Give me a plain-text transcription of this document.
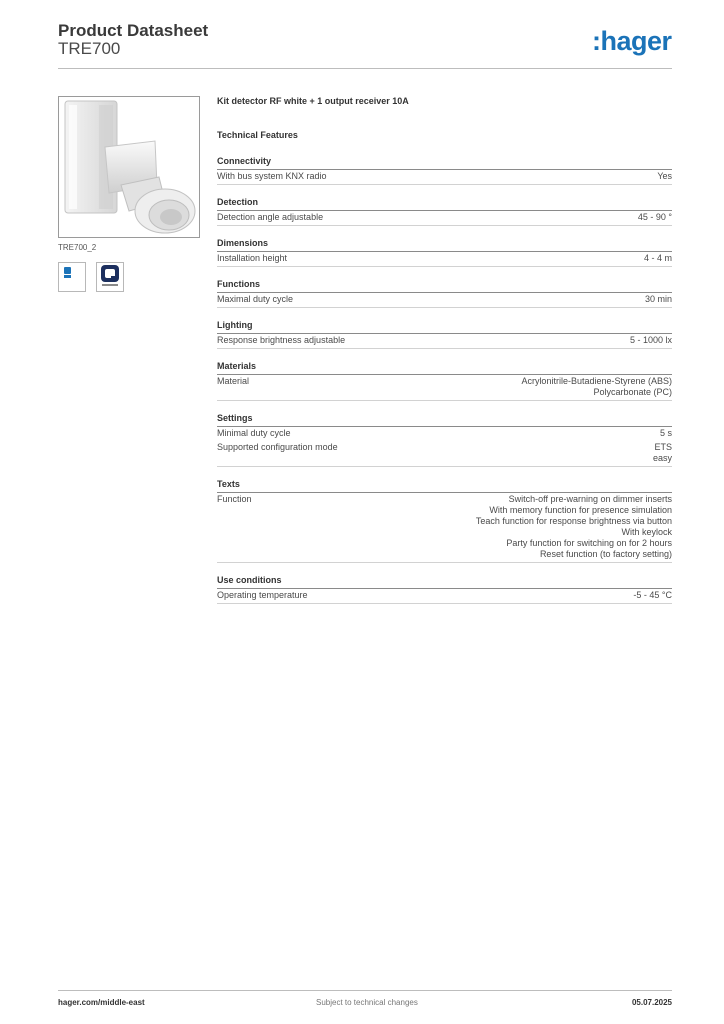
Product Datasheet
TRE700	:hager
TRE700_2
Kit detector RF white + 1 output receiver 10A
Technical Features
Connectivity
With bus system KNX radio	Yes
Detection
Detection angle adjustable	45 - 90 °
Dimensions
Installation height	4 - 4 m
Functions
Maximal duty cycle	30 min
Lighting
Response brightness adjustable	5 - 1000 lx
Materials
Material	Acrylonitrile-Butadiene-Styrene (ABS)
Polycarbonate (PC)
Settings
Minimal duty cycle	5 s
Supported configuration mode	ETS
easy
Texts
Function	Switch-off pre-warning on dimmer inserts
With memory function for presence simulation
Teach function for response brightness via button
With keylock
Party function for switching on for 2 hours
Reset function (to factory setting)
Use conditions
Operating temperature	-5 - 45 °C
hager.com/middle-east	Subject to technical changes	05.07.2025
